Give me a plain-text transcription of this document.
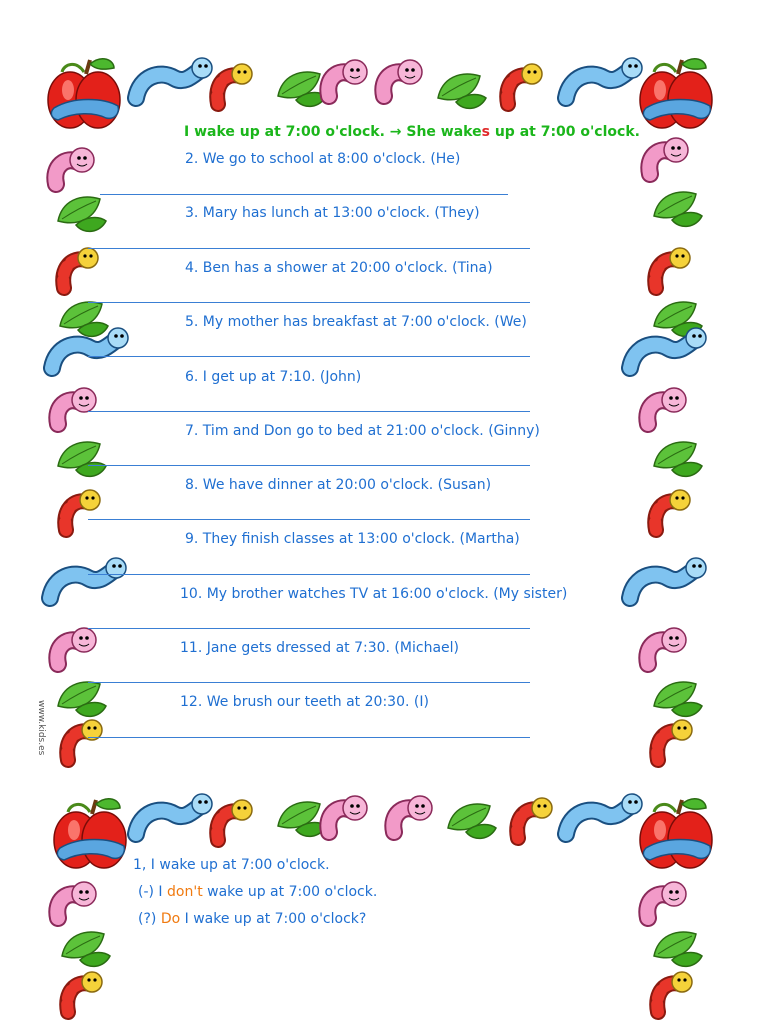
www.kids.es
I wake up at 7:00 o'clock. → She wakes up at 7:00 o'clock.
2. We go to school at 8:00 o'clock. (He)
3. Mary has lunch at 13:00 o'clock. (They)
4. Ben has a shower at 20:00 o'clock. (Tina)
5. My mother has breakfast at 7:00 o'clock. (We)
6. I get up at 7:10. (John)
7. Tim and Don go to bed at 21:00 o'clock. (Ginny)
8. We have dinner at 20:00 o'clock. (Susan)
9. They finish classes at 13:00 o'clock. (Martha)
10. My brother watches TV at 16:00 o'clock. (My sister)
11. Jane gets dressed at 7:30. (Michael)
12. We brush our teeth at 20:30. (I)
1, I wake up at 7:00 o'clock.
(-) I don't wake up at 7:00 o'clock.
(?) Do I wake up at 7:00 o'clock?
